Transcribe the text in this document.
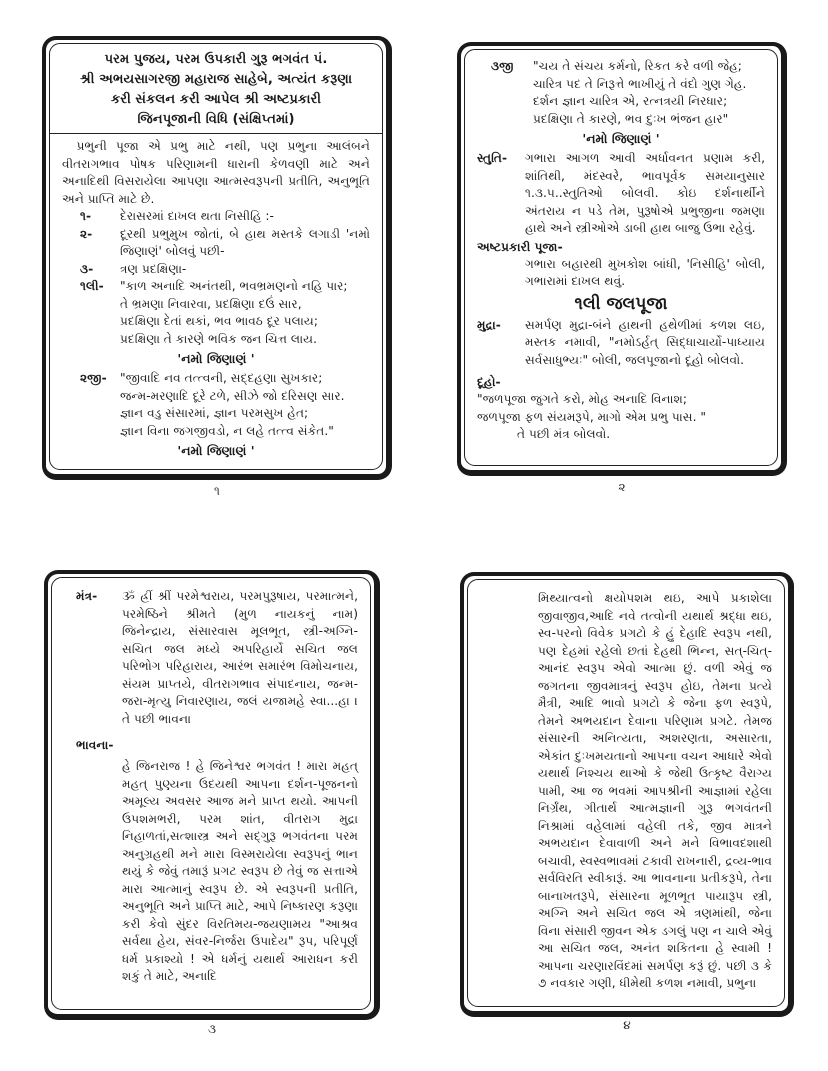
પરમ પુજય, પરમ ઉપકારી ગુરૂ ભગવંત પં.
શ્રી અભયસાગરજી મહારાજ સાહેબે, અત્યંત કરૂણા
કરી સંકલન કરી આપેલ શ્રી અષ્ટપ્રકારી
જિનપૂજાની વિધિ (સંક્ષિપ્તમાં)

પ્રભુની પૂજા એ પ્રભુ માટે નથી, પણ પ્રભુના આલંબને વીતરાગભાવ પોષક પરિણામની ધારાની કેળવણી માટે અને અનાદિથી વિસરાયેલા આપણા આત્મસ્વરૂપની પ્રતીતિ, અનુભૂતિ અને પ્રાપ્તિ માટે છે.

૧-	દેરાસરમાં દાખલ થતા નિસીહિ :-
૨-	દૂરથી પ્રભુમુખ જોતાં, બે હાથ મસ્તકે લગાડી 'નમો જિણાણં' બોલવું પછી-
૩-	ત્રણ પ્રદક્ષિણા-
૧લી-	"કાળ અનાદિ અનંતથી, ભવભ્રમણનો નહિ પાર;
તે ભ્રમણા નિવારવા, પ્રદક્ષિણા દઉં સાર,
પ્રદક્ષિણા દેતાં થકાં, ભવ ભાવઠ દૂર પલાય;
પ્રદક્ષિણા તે કારણે ભવિક જન ચિત્ત લાય.
'નમો જિણાણં '
૨જી-	"જીવાદિ નવ તત્ત્વની, સદ્દહણા સુખકાર;
જન્મ-મરણાદિ દૂરે ટળે, સીઝે જો દરિસણ સાર.
જ્ઞાન વડુ સંસારમાં, જ્ઞાન પરમસુખ હેત;
જ્ઞાન વિના જગજીવડો, ન લહે તત્ત્વ સંકેત."
'નમો જિણાણં '
૧
૩જી	"ચય તે સંચય કર્મનો, રિકત કરે વળી જેહ;
ચારિત્ર પદ તે નિરૂત્તે ભાખીયું તે વંદો ગુણ ગેહ.
દર્શન જ્ઞાન ચારિત્ર એ, રત્નત્રયી નિરધાર;
પ્રદક્ષિણા તે કારણે, ભવ દુઃખ ભંજન હાર"
'નમો જિણાણં '
સ્તુતિ-	ગભારા આગળ આવી અર્ધાવનત પ્રણામ કરી, શાંતિથી, મંદસ્વરે, ભાવપૂર્વક સમયાનુસાર ૧.૩.૫..સ્તુતિઓ બોલવી. કોઇ દર્શનાર્થીને અંતરાય ન પડે તેમ, પુરૂષોએ પ્રભુજીના જમણા હાથે અને સ્ત્રીઓએ ડાબી હાથ બાજુ ઉભા રહેવું.
અષ્ટપ્રકારી પૂજા-

ગભારા બહારથી મુખકોશ બાંધી, 'નિસીહિ' બોલી, ગભારામાં દાખલ થવું.

૧લી જલપૂજા
મુદ્રા-	સમર્પણ મુદ્રા-બંને હાથની હથેળીમાં કળશ લઇ, મસ્તક નમાવી, "નમોઽર્હત્ સિદ્ધાચાર્યો-પાધ્યાય સર્વસાધુભ્યઃ" બોલી, જલપૂજાનો દૂહો બોલવો.
દૂહો-
"જળપૂજા જુગતે કરો, મોહ અનાદિ વિનાશ;
જળપૂજા ફળ સંયમરૂપે, માગો એમ પ્રભુ પાસ. "
તે પછી મંત્ર બોલવો.
૨
મંત્ર-	ૐ હ્રીં શ્રીં પરમેશ્વરાય, પરમપુરૂષાય, પરમાત્મને, પરમેષ્ઠિને શ્રીમતે (મુળ નાયકનું નામ) જિનેન્દ્રાય, સંસારવાસ મૂલભૂત, સ્ત્રી-અગ્નિ-સચિત જલ મધ્યે અપરિહાર્યે સચિત જલ પરિભોગ પરિહારાય, આરંભ સમારંભ વિમોચનાય, સંયમ પ્રાપ્તયે, વીતરાગભાવ સંપાદનાય, જન્મ-જરા-મૃત્યુ નિવારણાય, જલં યજામહે સ્વા...હા । તે પછી ભાવના
ભાવના-

હે જિનરાજ ! હે જિનેશ્વર ભગવંત ! મારા મહત્ મહત્ પુણ્યના ઉદયથી આપના દર્શન-પૂજનનો અમૂલ્ય અવસર આજ મને પ્રાપ્ત થયો. આપની ઉપશમભરી, પરમ શાંત, વીતરાગ મુદ્રા નિહાળતાં,સત્શાસ્ત્ર અને સદ્ગુરૂ ભગવંતના પરમ અનુગ્રહથી મને મારા વિસ્મરાયેલા સ્વરૂપનું ભાન થયું કે જેવું તમારૂં પ્રગટ સ્વરૂપ છે તેવું જ સત્તાએ મારા આત્માનું સ્વરૂપ છે. એ સ્વરૂપની પ્રતીતિ, અનુભૂતિ અને પ્રાપ્તિ માટે, આપે નિષ્કારણ કરૂણા કરી કેવો સુંદર વિરતિમય-જયણામય "આશ્રવ સર્વથા હેય, સંવર-નિર્જરા ઉપાદેય" રૂપ, પરિપૂર્ણ ધર્મ પ્રકાશ્યો ! એ ધર્મનું યથાર્થ આરાધન કરી શકું તે માટે, અનાદિ

૩

મિથ્યાત્વનો ક્ષયોપશમ થઇ, આપે પ્રકાશેલા જીવાજીવ,આદિ નવે તત્વોની યથાર્થ શ્રદ્ધા થઇ, સ્વ-પરનો વિવેક પ્રગટો કે હું દેહાદિ સ્વરૂપ નથી, પણ દેહમાં રહેલો છતાં દેહથી ભિન્ન, સત્-ચિત્-આનંદ સ્વરૂપ એવો આત્મા છું. વળી એવું જ જગતના જીવમાત્રનું સ્વરૂપ હોઇ, તેમના પ્રત્યે મૈત્રી, આદિ ભાવો પ્રગટો કે જેના ફળ સ્વરૂપે, તેમને અભયદાન દેવાના પરિણામ પ્રગટે. તેમજ સંસારની અનિત્યતા, અશરણતા, અસારતા, એકાંત દુઃખમયતાનો આપના વચન આધારે એવો યથાર્થ નિશ્ચય થાઓ કે જેથી ઉત્કૃષ્ટ વૈરાગ્ય પામી, આ જ ભવમાં આપશ્રીની આજ્ઞામાં રહેલા નિર્ગ્રંથ, ગીતાર્થ આત્મજ્ઞાની ગુરૂ ભગવંતની નિશ્રામાં વહેલામાં વહેલી તકે, જીવ માત્રને અભયદાન દેવાવાળી અને મને વિભાવદશાથી બચાવી, સ્વસ્વભાવમાં ટકાવી રાખનારી, દ્રવ્ય-ભાવ સર્વવિરતિ સ્વીકારૂં. આ ભાવનાના પ્રતીકરૂપે, તેના બાનાખતરૂપે, સંસારના મૂળભૂત પાયારૂપ સ્ત્રી, અગ્નિ અને સચિત જલ એ ત્રણમાંથી, જેના વિના સંસારી જીવન એક ડગલું પણ ન ચાલે એવું આ સચિત જલ, અનંત શકિતના હે સ્વામી ! આપના ચરણારવિંદમાં સમર્પણ કરૂં છું. પછી ૩ કે ૭ નવકાર ગણી, ધીમેથી કળશ નમાવી, પ્રભુના

૪
